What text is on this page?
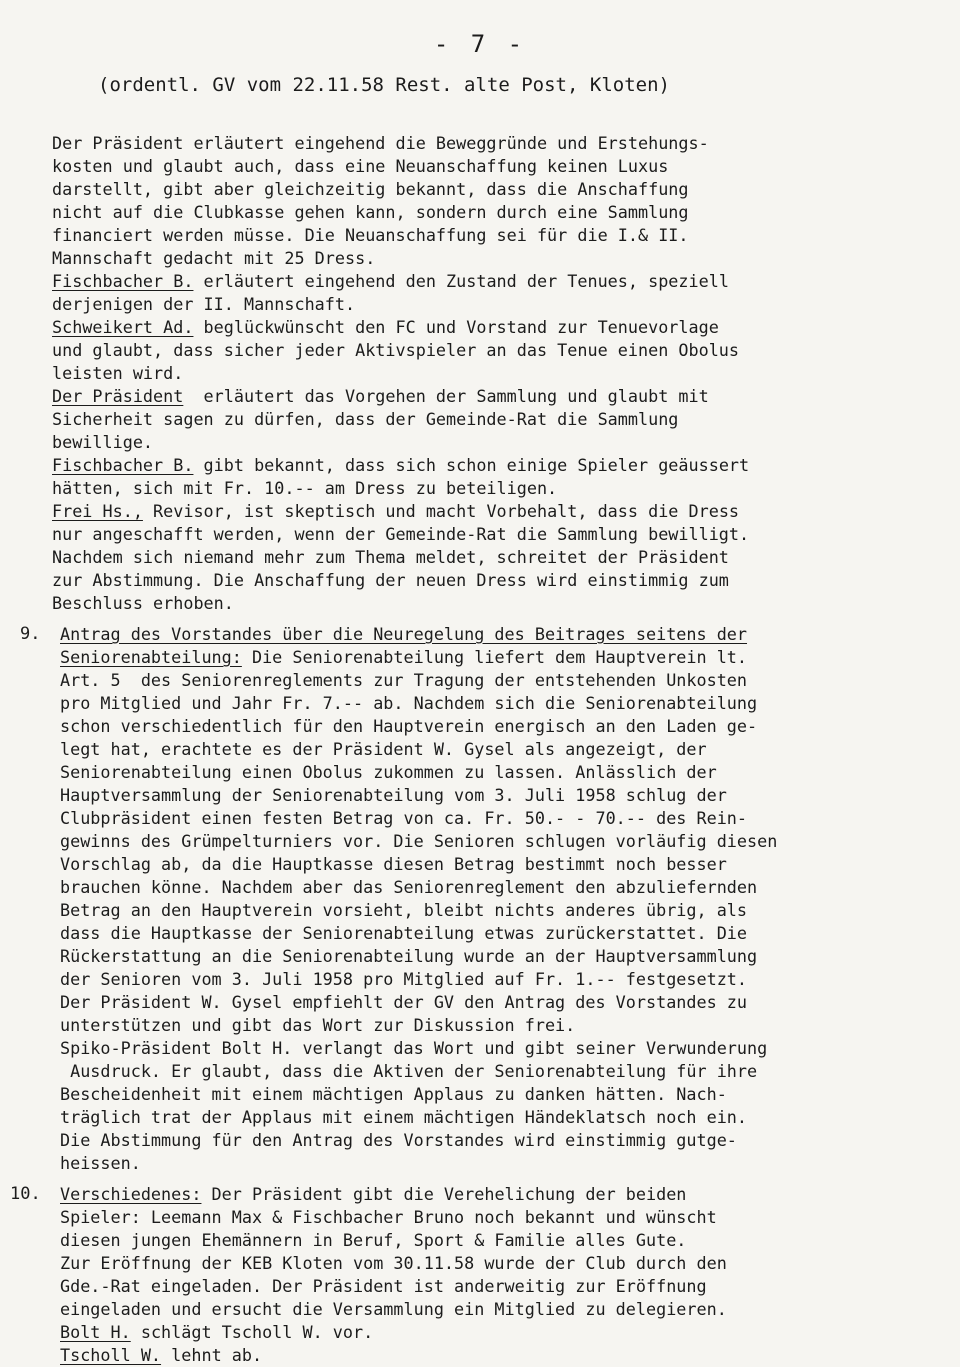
- 7 -
(ordentl. GV vom 22.11.58 Rest. alte Post, Kloten)
Der Präsident erläutert eingehend die Beweggründe und Erstehungs-
kosten und glaubt auch, dass eine Neuanschaffung keinen Luxus
darstellt, gibt aber gleichzeitig bekannt, dass die Anschaffung
nicht auf die Clubkasse gehen kann, sondern durch eine Sammlung
financiert werden müsse. Die Neuanschaffung sei für die I.& II.
Mannschaft gedacht mit 25 Dress.
Fischbacher B. erläutert eingehend den Zustand der Tenues, speziell
derjenigen der II. Mannschaft.
Schweikert Ad. beglückwünscht den FC und Vorstand zur Tenuevorlage
und glaubt, dass sicher jeder Aktivspieler an das Tenue einen Obolus
leisten wird.
Der Präsident  erläutert das Vorgehen der Sammlung und glaubt mit
Sicherheit sagen zu dürfen, dass der Gemeinde-Rat die Sammlung
bewillige.
Fischbacher B. gibt bekannt, dass sich schon einige Spieler geäussert
hätten, sich mit Fr. 10.-- am Dress zu beteiligen.
Frei Hs., Revisor, ist skeptisch und macht Vorbehalt, dass die Dress
nur angeschafft werden, wenn der Gemeinde-Rat die Sammlung bewilligt.
Nachdem sich niemand mehr zum Thema meldet, schreitet der Präsident
zur Abstimmung. Die Anschaffung der neuen Dress wird einstimmig zum
Beschluss erhoben.
9. Antrag des Vorstandes über die Neuregelung des Beitrages seitens der
Seniorenabteilung: Die Seniorenabteilung liefert dem Hauptverein lt.
Art. 5  des Seniorenreglements zur Tragung der entstehenden Unkosten
pro Mitglied und Jahr Fr. 7.-- ab. Nachdem sich die Seniorenabteilung
schon verschiedentlich für den Hauptverein energisch an den Laden ge-
legt hat, erachtete es der Präsident W. Gysel als angezeigt, der
Seniorenabteilung einen Obolus zukommen zu lassen. Anlässlich der
Hauptversammlung der Seniorenabteilung vom 3. Juli 1958 schlug der
Clubpräsident einen festen Betrag von ca. Fr. 50.- - 70.-- des Rein-
gewinns des Grümpelturniers vor. Die Senioren schlugen vorläufig diesen
Vorschlag ab, da die Hauptkasse diesen Betrag bestimmt noch besser
brauchen könne. Nachdem aber das Seniorenreglement den abzuliefernden
Betrag an den Hauptverein vorsieht, bleibt nichts anderes übrig, als
dass die Hauptkasse der Seniorenabteilung etwas zurückerstattet. Die
Rückerstattung an die Seniorenabteilung wurde an der Hauptversammlung
der Senioren vom 3. Juli 1958 pro Mitglied auf Fr. 1.-- festgesetzt.
Der Präsident W. Gysel empfiehlt der GV den Antrag des Vorstandes zu
unterstützen und gibt das Wort zur Diskussion frei.
Spiko-Präsident Bolt H. verlangt das Wort und gibt seiner Verwunderung
Ausdruck. Er glaubt, dass die Aktiven der Seniorenabteilung für ihre
Bescheidenheit mit einem mächtigen Applaus zu danken hätten. Nach-
träglich trat der Applaus mit einem mächtigen Händeklatsch noch ein.
Die Abstimmung für den Antrag des Vorstandes wird einstimmig gutge-
heissen.
10. Verschiedenes: Der Präsident gibt die Verehelichung der beiden
Spieler: Leemann Max & Fischbacher Bruno noch bekannt und wünscht
diesen jungen Ehemännern in Beruf, Sport & Familie alles Gute.
Zur Eröffnung der KEB Kloten vom 30.11.58 wurde der Club durch den
Gde.-Rat eingeladen. Der Präsident ist anderweitig zur Eröffnung
eingeladen und ersucht die Versammlung ein Mitglied zu delegieren.
Bolt H. schlägt Tscholl W. vor.
Tscholl W. lehnt ab.
